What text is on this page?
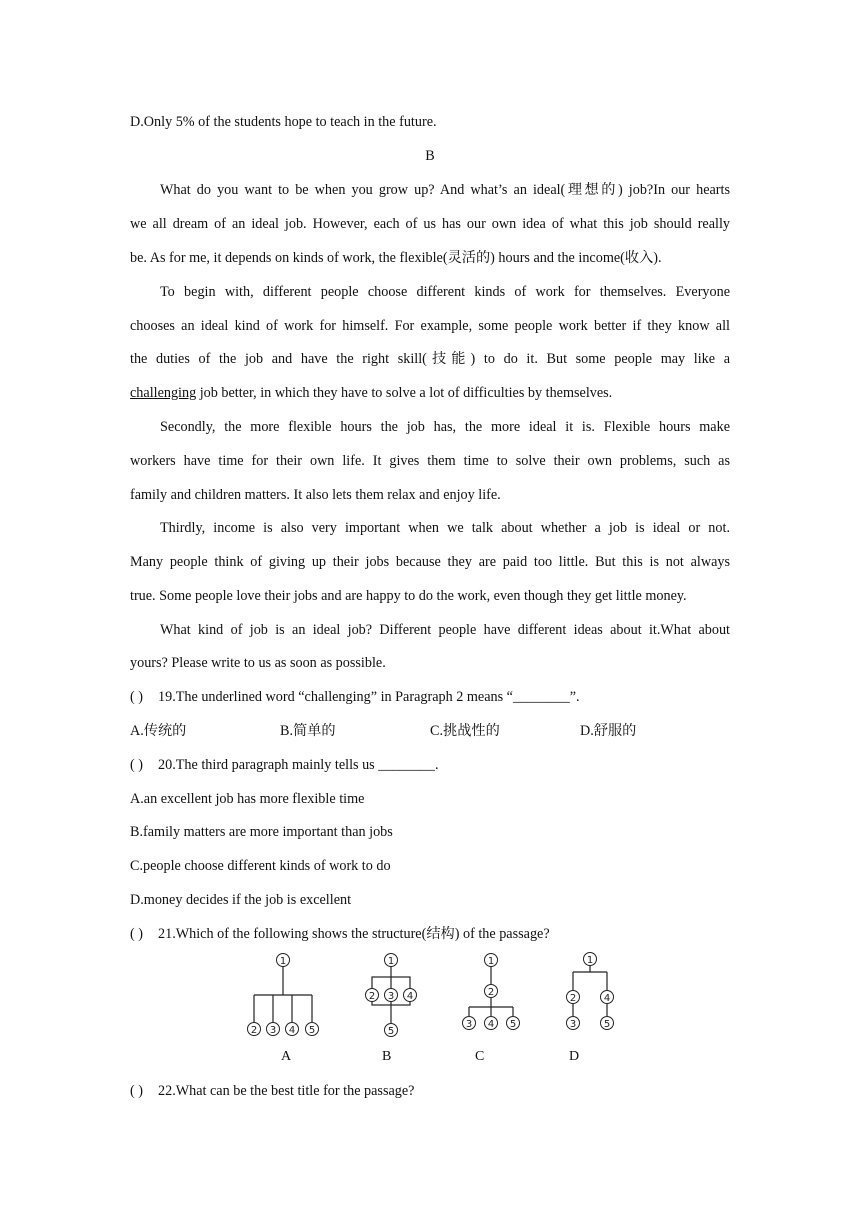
D.Only 5% of the students hope to teach in the future.
B
What do you want to be when you grow up? And what’s an ideal(理想的) job?In our hearts
we all dream of an ideal job. However, each of us has our own idea of what this job should really
be. As for me, it depends on kinds of work, the flexible(灵活的) hours and the income(收入).
To begin with, different people choose different kinds of work for themselves. Everyone
chooses an ideal kind of work for himself. For example, some people work better if they know all
the duties of the job and have the right skill(技能) to do it. But some people may like a
challenging job better, in which they have to solve a lot of difficulties by themselves.
Secondly, the more flexible hours the job has, the more ideal it is. Flexible hours make
workers have time for their own life. It gives them time to solve their own problems, such as
family and children matters. It also lets them relax and enjoy life.
Thirdly, income is also very important when we talk about whether a job is ideal or not.
Many people think of giving up their jobs because they are paid too little. But this is not always
true. Some people love their jobs and are happy to do the work, even though they get little money.
What kind of job is an ideal job? Different people have different ideas about it.What about
yours? Please write to us as soon as possible.
( )	19.The underlined word “challenging” in Paragraph 2 means “________”.
A.传统的	B.简单的	C.挑战性的	D.舒服的
( )	20.The third paragraph mainly tells us ________.
A.an excellent job has more flexible time
B.family matters are more important than jobs
C.people choose different kinds of work to do
D.money decides if the job is excellent
( )	21.Which of the following shows the structure(结构) of the passage?
1
2 3 4 5
1
2 3 4
5
1
2
3 4 5
1
2	4
3	5
A	B	C	D
( )	22.What can be the best title for the passage?
